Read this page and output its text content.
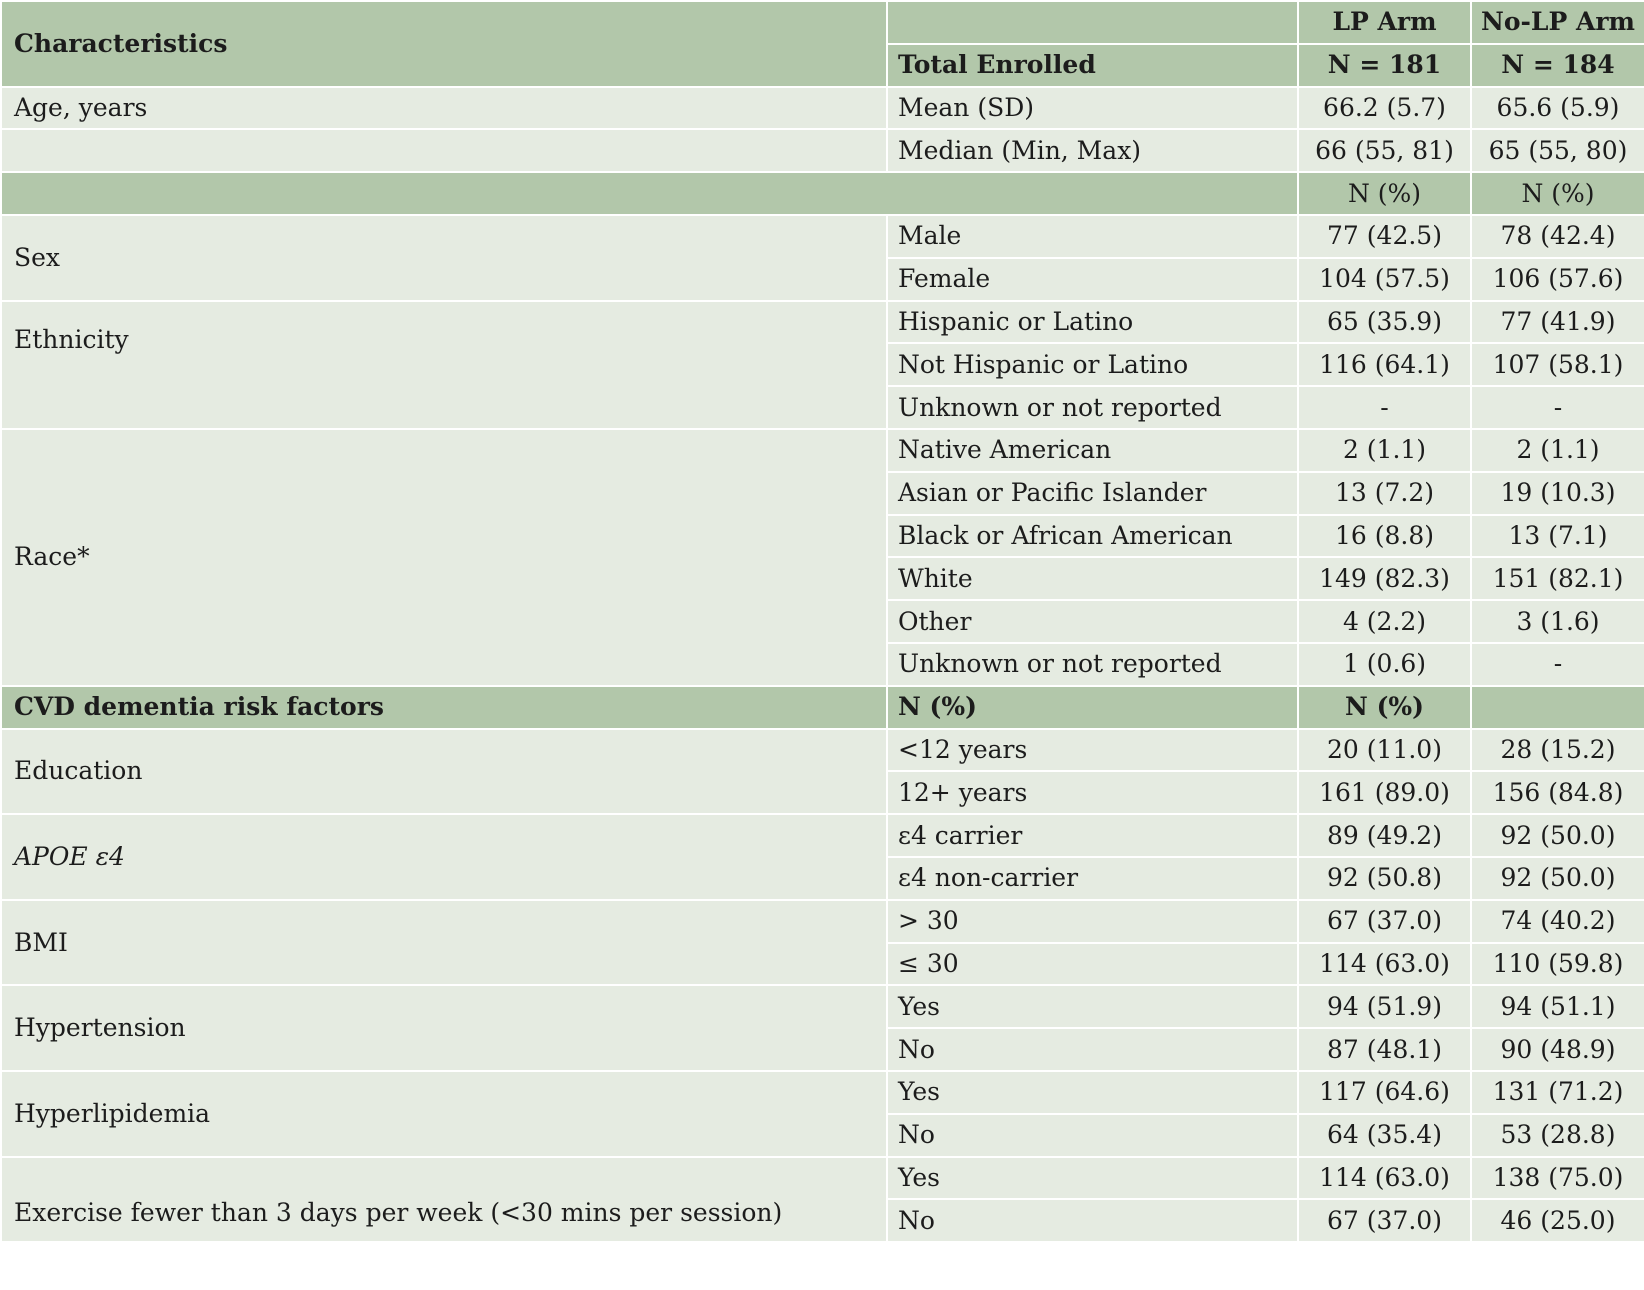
Characteristics		LP Arm	No-LP Arm
	Total Enrolled	N = 181	N = 184
Age, years	Mean (SD)	66.2 (5.7)	65.6 (5.9)
	Median (Min, Max)	66 (55, 81)	65 (55, 80)
		N (%)	N (%)
Sex	Male	77 (42.5)	78 (42.4)
	Female	104 (57.5)	106 (57.6)
Ethnicity	Hispanic or Latino	65 (35.9)	77 (41.9)
	Not Hispanic or Latino	116 (64.1)	107 (58.1)
	Unknown or not reported	-	-
Race*	Native American	2 (1.1)	2 (1.1)
	Asian or Pacific Islander	13 (7.2)	19 (10.3)
	Black or African American	16 (8.8)	13 (7.1)
	White	149 (82.3)	151 (82.1)
	Other	4 (2.2)	3 (1.6)
	Unknown or not reported	1 (0.6)	-
CVD dementia risk factors	N (%)	N (%)	
Education	<12 years	20 (11.0)	28 (15.2)
	12+ years	161 (89.0)	156 (84.8)
APOE ε4	ε4 carrier	89 (49.2)	92 (50.0)
	ε4 non-carrier	92 (50.8)	92 (50.0)
BMI	> 30	67 (37.0)	74 (40.2)
	≤ 30	114 (63.0)	110 (59.8)
Hypertension	Yes	94 (51.9)	94 (51.1)
	No	87 (48.1)	90 (48.9)
Hyperlipidemia	Yes	117 (64.6)	131 (71.2)
	No	64 (35.4)	53 (28.8)
Exercise fewer than 3 days per week (<30 mins per session)	Yes	114 (63.0)	138 (75.0)
	No	67 (37.0)	46 (25.0)
